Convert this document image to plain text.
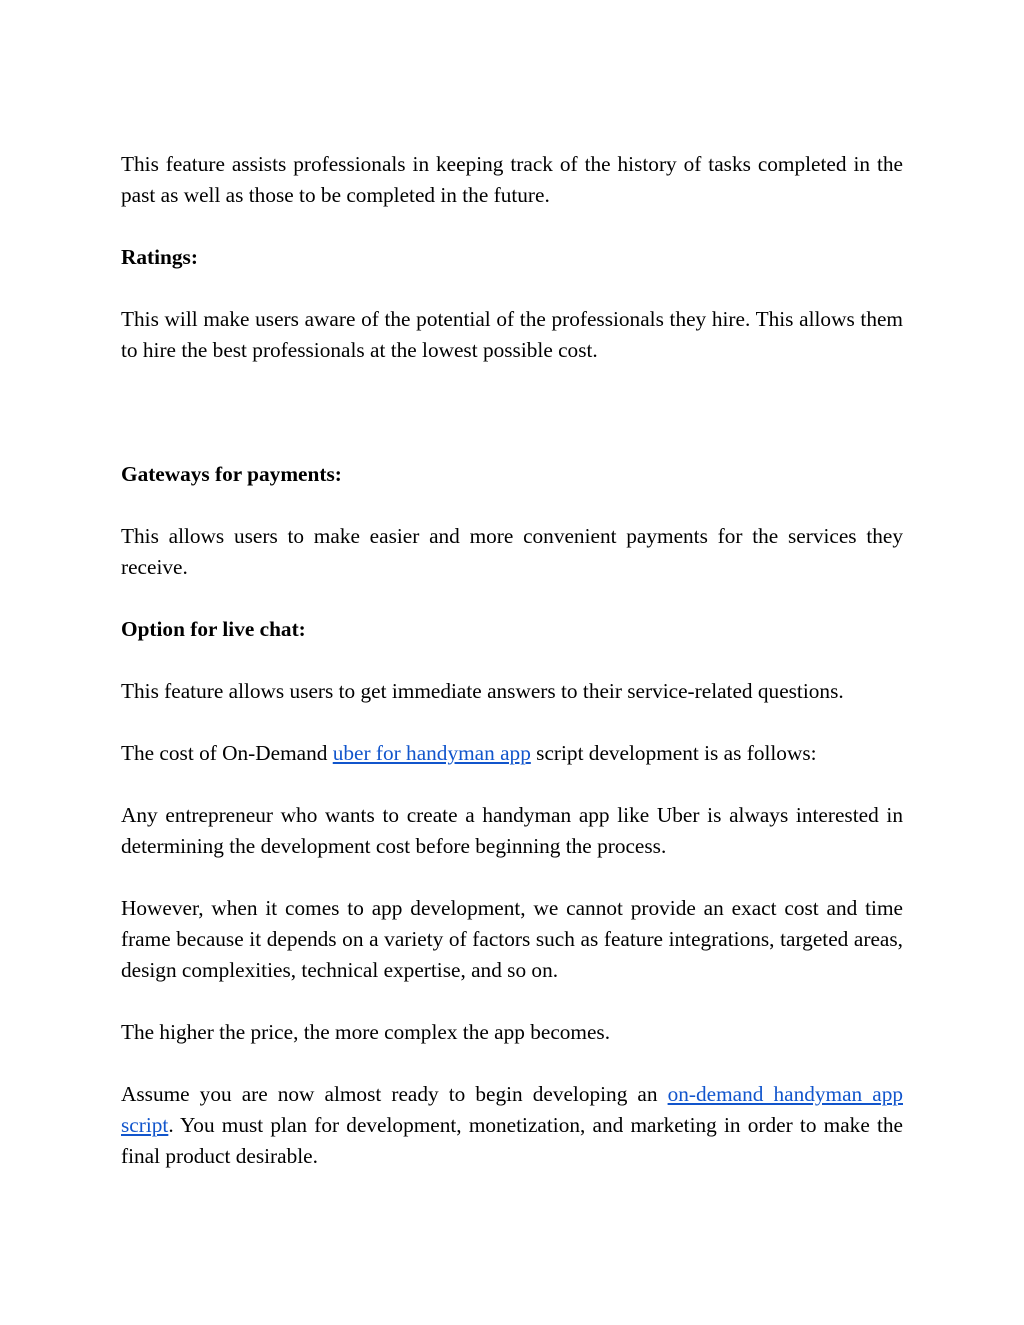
This feature assists professionals in keeping track of the history of tasks completed in the past as well as those to be completed in the future.

Ratings:

This will make users aware of the potential of the professionals they hire. This allows them to hire the best professionals at the lowest possible cost.

Gateways for payments:

This allows users to make easier and more convenient payments for the services they receive.

Option for live chat:

This feature allows users to get immediate answers to their service-related questions.

The cost of On-Demand uber for handyman app script development is as follows:

Any entrepreneur who wants to create a handyman app like Uber is always interested in determining the development cost before beginning the process.

However, when it comes to app development, we cannot provide an exact cost and time frame because it depends on a variety of factors such as feature integrations, targeted areas, design complexities, technical expertise, and so on.

The higher the price, the more complex the app becomes.

Assume you are now almost ready to begin developing an on-demand handyman app script. You must plan for development, monetization, and marketing in order to make the final product desirable.
